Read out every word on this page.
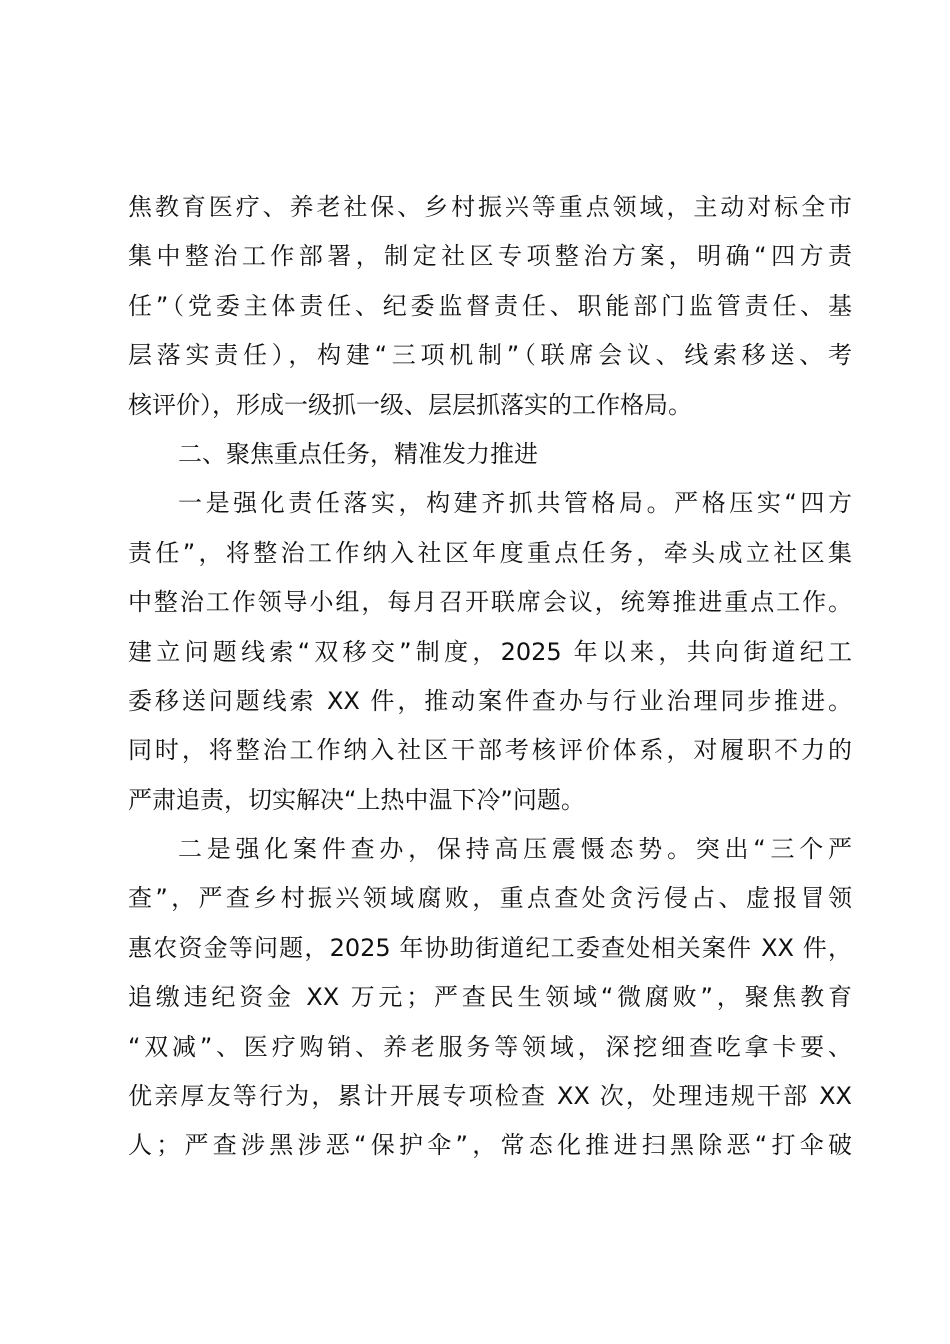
焦教育医疗、养老社保、乡村振兴等重点领域，主动对标全市
集中整治工作部署，制定社区专项整治方案，明确“四方责
任”（党委主体责任、纪委监督责任、职能部门监管责任、基
层落实责任），构建“三项机制”（联席会议、线索移送、考
核评价），形成一级抓一级、层层抓落实的工作格局。
二、聚焦重点任务，精准发力推进
一是强化责任落实，构建齐抓共管格局。严格压实“四方
责任”，将整治工作纳入社区年度重点任务，牵头成立社区集
中整治工作领导小组，每月召开联席会议，统筹推进重点工作。
建立问题线索“双移交”制度，2025 年以来，共向街道纪工
委移送问题线索 XX 件，推动案件查办与行业治理同步推进。
同时，将整治工作纳入社区干部考核评价体系，对履职不力的
严肃追责，切实解决“上热中温下冷”问题。
二是强化案件查办，保持高压震慑态势。突出“三个严
查”，严查乡村振兴领域腐败，重点查处贪污侵占、虚报冒领
惠农资金等问题，2025 年协助街道纪工委查处相关案件 XX 件，
追缴违纪资金 XX 万元；严查民生领域“微腐败”，聚焦教育
“双减”、医疗购销、养老服务等领域，深挖细查吃拿卡要、
优亲厚友等行为，累计开展专项检查 XX 次，处理违规干部 XX
人；严查涉黑涉恶“保护伞”，常态化推进扫黑除恶“打伞破
